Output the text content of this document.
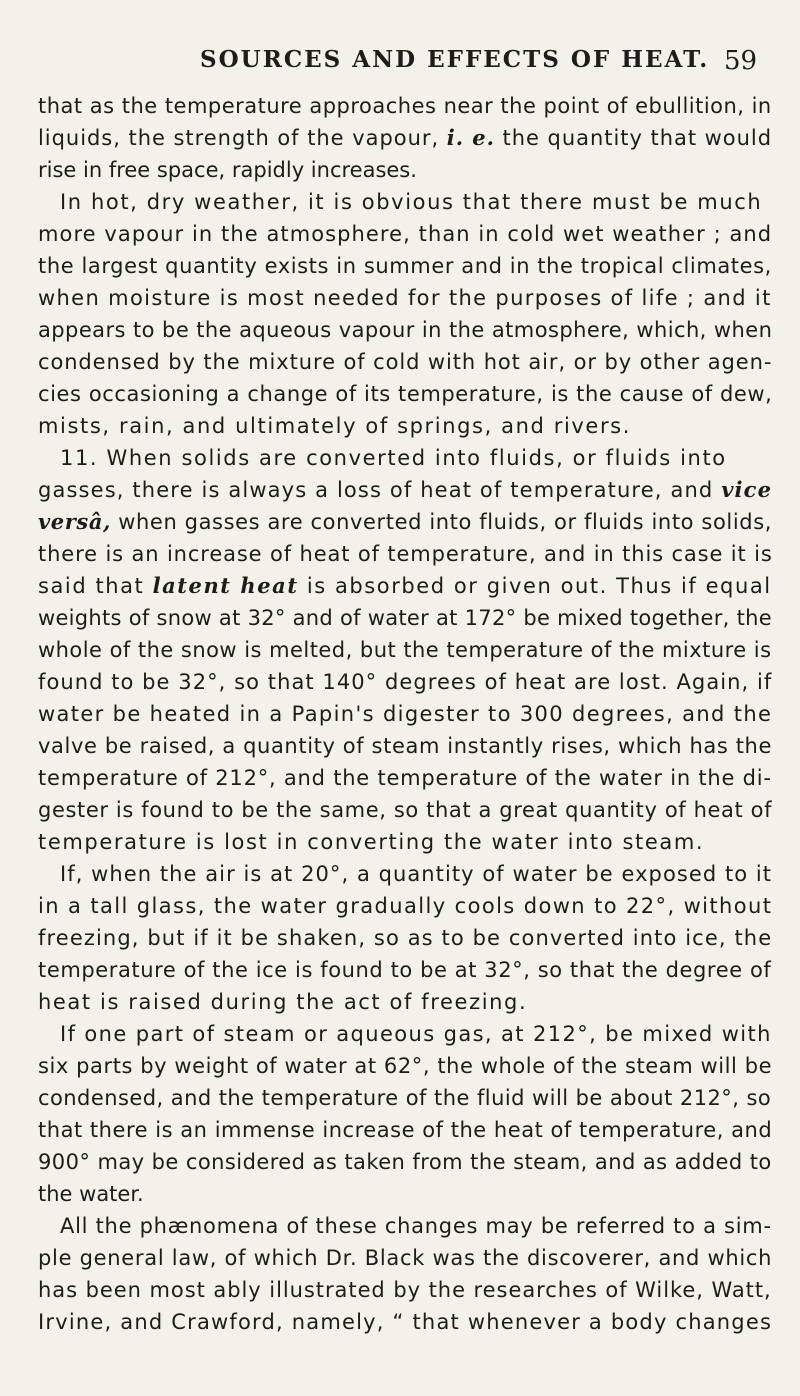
SOURCES AND EFFECTS OF HEAT. 59
that as the temperature approaches near the point of ebullition, in
liquids, the strength of the vapour, i. e. the quantity that would
rise in free space, rapidly increases.
In hot, dry weather, it is obvious that there must be much
more vapour in the atmosphere, than in cold wet weather ; and
the largest quantity exists in summer and in the tropical climates,
when moisture is most needed for the purposes of life ; and it
appears to be the aqueous vapour in the atmosphere, which, when
condensed by the mixture of cold with hot air, or by other agen-
cies occasioning a change of its temperature, is the cause of dew,
mists, rain, and ultimately of springs, and rivers.
11. When solids are converted into fluids, or fluids into
gasses, there is always a loss of heat of temperature, and vice
versâ, when gasses are converted into fluids, or fluids into solids,
there is an increase of heat of temperature, and in this case it is
said that latent heat is absorbed or given out. Thus if equal
weights of snow at 32° and of water at 172° be mixed together, the
whole of the snow is melted, but the temperature of the mixture is
found to be 32°, so that 140° degrees of heat are lost. Again, if
water be heated in a Papin's digester to 300 degrees, and the
valve be raised, a quantity of steam instantly rises, which has the
temperature of 212°, and the temperature of the water in the di-
gester is found to be the same, so that a great quantity of heat of
temperature is lost in converting the water into steam.
If, when the air is at 20°, a quantity of water be exposed to it
in a tall glass, the water gradually cools down to 22°, without
freezing, but if it be shaken, so as to be converted into ice, the
temperature of the ice is found to be at 32°, so that the degree of
heat is raised during the act of freezing.
If one part of steam or aqueous gas, at 212°, be mixed with
six parts by weight of water at 62°, the whole of the steam will be
condensed, and the temperature of the fluid will be about 212°, so
that there is an immense increase of the heat of temperature, and
900° may be considered as taken from the steam, and as added to
the water.
All the phænomena of these changes may be referred to a sim-
ple general law, of which Dr. Black was the discoverer, and which
has been most ably illustrated by the researches of Wilke, Watt,
Irvine, and Crawford, namely, “ that whenever a body changes
